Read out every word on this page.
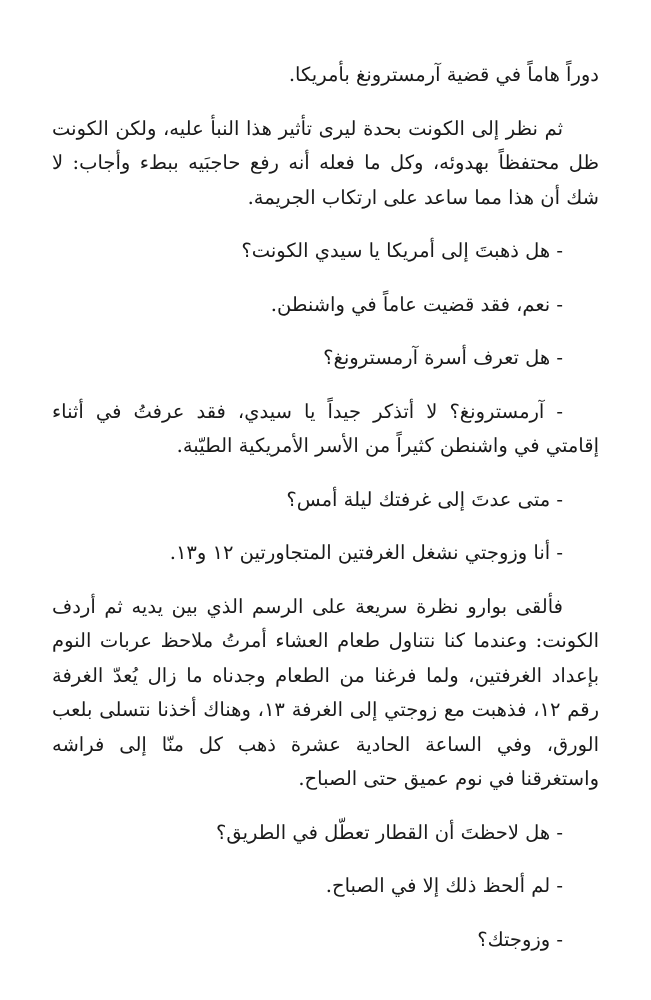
دوراً هاماً في قضية آرمسترونغ بأمريكا.

ثم نظر إلى الكونت بحدة ليرى تأثير هذا النبأ عليه، ولكن الكونت ظل محتفظاً بهدوئه، وكل ما فعله أنه رفع حاجبَيه ببطء وأجاب: لا شك أن هذا مما ساعد على ارتكاب الجريمة.

- هل ذهبتَ إلى أمريكا يا سيدي الكونت؟

- نعم، فقد قضيت عاماً في واشنطن.

- هل تعرف أسرة آرمسترونغ؟

- آرمسترونغ؟ لا أتذكر جيداً يا سيدي، فقد عرفتُ في أثناء إقامتي في واشنطن كثيراً من الأسر الأمريكية الطيّبة.

- متى عدتَ إلى غرفتك ليلة أمس؟

- أنا وزوجتي نشغل الغرفتين المتجاورتين ١٢ و١٣.

فألقى بوارو نظرة سريعة على الرسم الذي بين يديه ثم أردف الكونت: وعندما كنا نتناول طعام العشاء أمرتُ ملاحظ عربات النوم بإعداد الغرفتين، ولما فرغنا من الطعام وجدناه ما زال يُعدّ الغرفة رقم ١٢، فذهبت مع زوجتي إلى الغرفة ١٣، وهناك أخذنا نتسلى بلعب الورق، وفي الساعة الحادية عشرة ذهب كل منّا إلى فراشه واستغرقنا في نوم عميق حتى الصباح.

- هل لاحظتَ أن القطار تعطّل في الطريق؟

- لم ألحظ ذلك إلا في الصباح.

- وزوجتك؟
